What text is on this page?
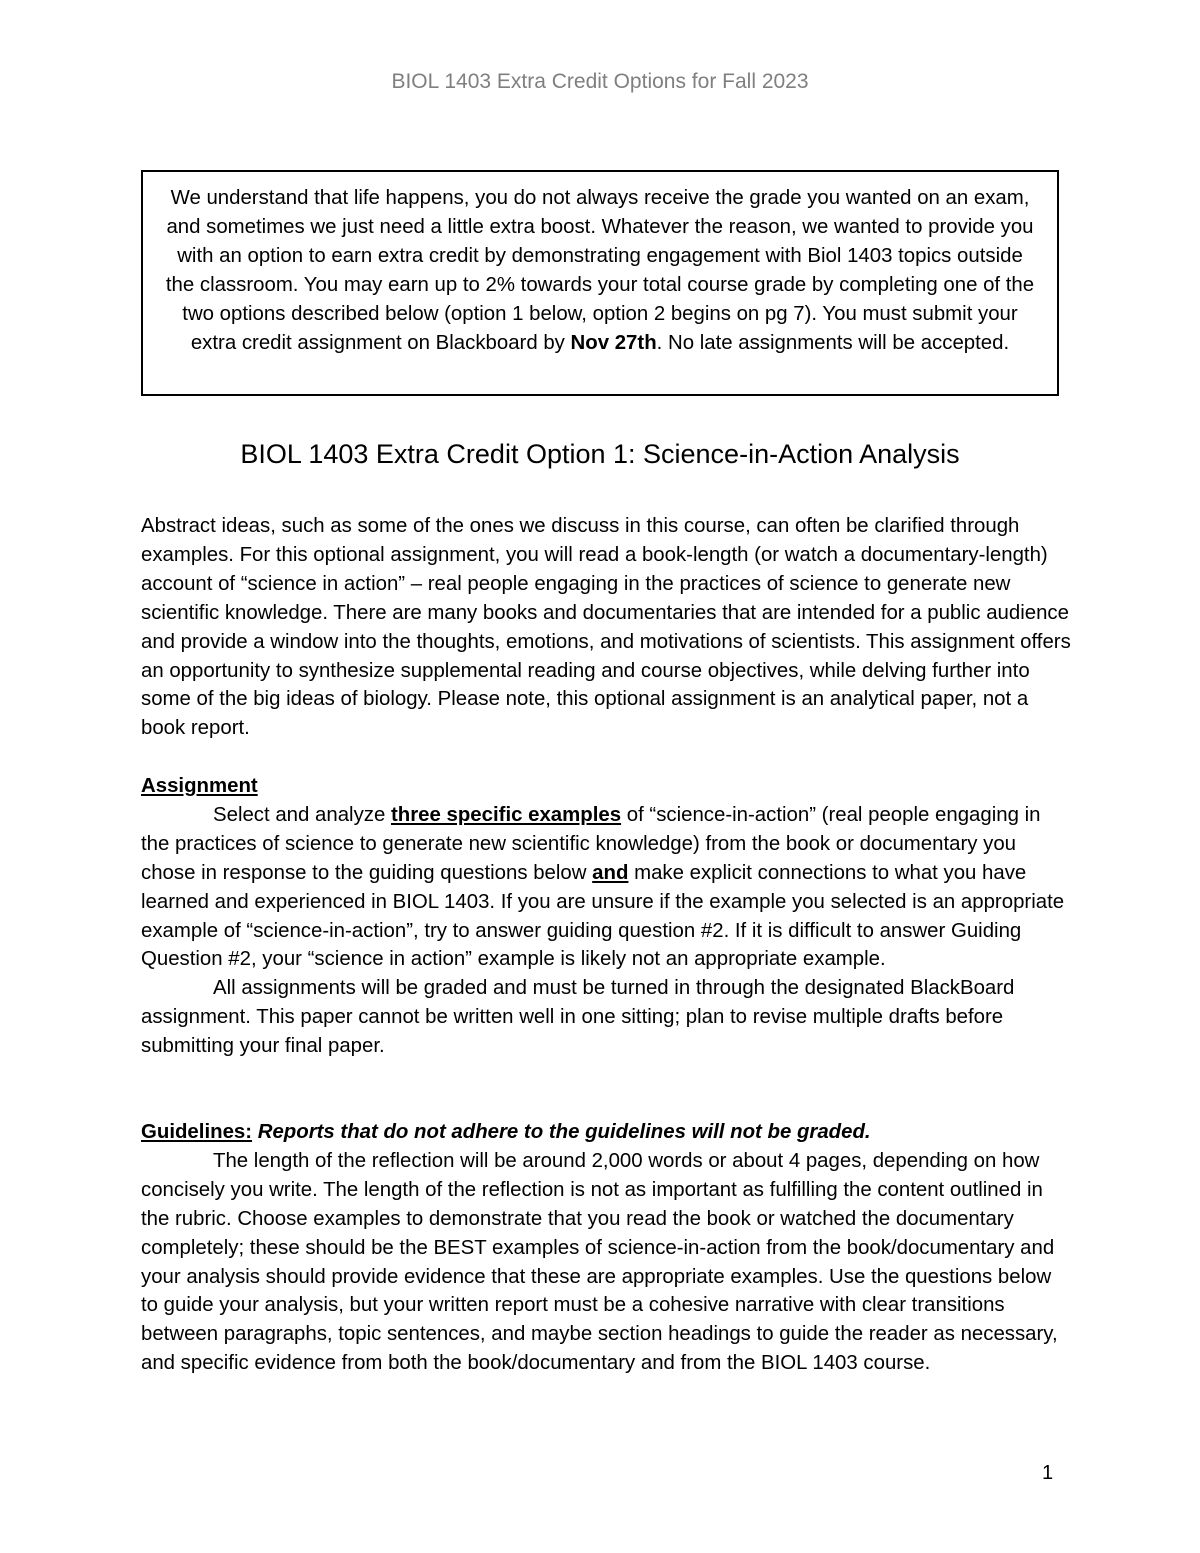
BIOL 1403 Extra Credit Options for Fall 2023
We understand that life happens, you do not always receive the grade you wanted on an exam, and sometimes we just need a little extra boost. Whatever the reason, we wanted to provide you with an option to earn extra credit by demonstrating engagement with Biol 1403 topics outside the classroom. You may earn up to 2% towards your total course grade by completing one of the two options described below (option 1 below, option 2 begins on pg 7). You must submit your extra credit assignment on Blackboard by Nov 27th. No late assignments will be accepted.
BIOL 1403 Extra Credit Option 1: Science-in-Action Analysis

Abstract ideas, such as some of the ones we discuss in this course, can often be clarified through examples. For this optional assignment, you will read a book-length (or watch a documentary-length) account of “science in action” – real people engaging in the practices of science to generate new scientific knowledge. There are many books and documentaries that are intended for a public audience and provide a window into the thoughts, emotions, and motivations of scientists. This assignment offers an opportunity to synthesize supplemental reading and course objectives, while delving further into some of the big ideas of biology. Please note, this optional assignment is an analytical paper, not a book report.

Assignment

Select and analyze three specific examples of “science-in-action” (real people engaging in the practices of science to generate new scientific knowledge) from the book or documentary you chose in response to the guiding questions below and make explicit connections to what you have learned and experienced in BIOL 1403. If you are unsure if the example you selected is an appropriate example of “science-in-action”, try to answer guiding question #2. If it is difficult to answer Guiding Question #2, your “science in action” example is likely not an appropriate example.

All assignments will be graded and must be turned in through the designated BlackBoard assignment. This paper cannot be written well in one sitting; plan to revise multiple drafts before submitting your final paper.

Guidelines: Reports that do not adhere to the guidelines will not be graded.

The length of the reflection will be around 2,000 words or about 4 pages, depending on how concisely you write. The length of the reflection is not as important as fulfilling the content outlined in the rubric. Choose examples to demonstrate that you read the book or watched the documentary completely; these should be the BEST examples of science-in-action from the book/documentary and your analysis should provide evidence that these are appropriate examples. Use the questions below to guide your analysis, but your written report must be a cohesive narrative with clear transitions between paragraphs, topic sentences, and maybe section headings to guide the reader as necessary, and specific evidence from both the book/documentary and from the BIOL 1403 course.

1
